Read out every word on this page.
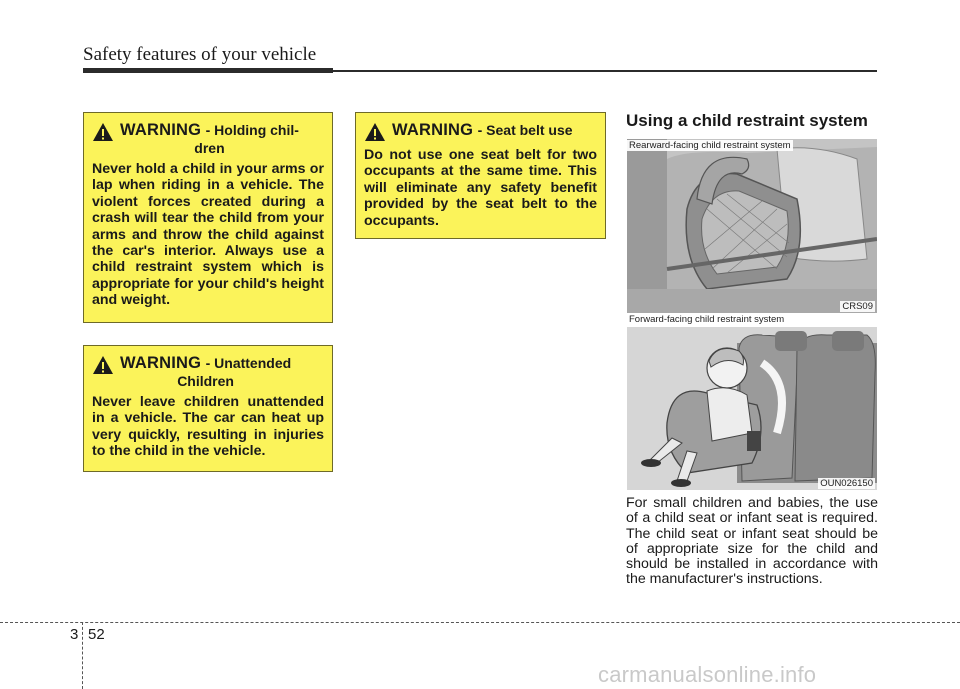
Safety features of your vehicle
WARNING - Holding chil-
dren
Never hold a child in your arms or lap when riding in a vehicle. The violent forces created during a crash will tear the child from your arms and throw the child against the car's interior. Always use a child restraint system which is appropriate for your child's height and weight.
WARNING - Unattended
Children
Never leave children unattended in a vehicle. The car can heat up very quickly, resulting in injuries to the child in the vehicle.
WARNING - Seat belt use
Do not use one seat belt for two occupants at the same time. This will eliminate any safety benefit provided by the seat belt to the occupants.
Using a child restraint system
Rearward-facing child restraint system
CRS09
Forward-facing child restraint system
OUN026150
For small children and babies, the use of a child seat or infant seat is required. The child seat or infant seat should be of appropriate size for the child and should be installed in accordance with the manufacturer's instructions.
3 52
carmanualsonline.info
